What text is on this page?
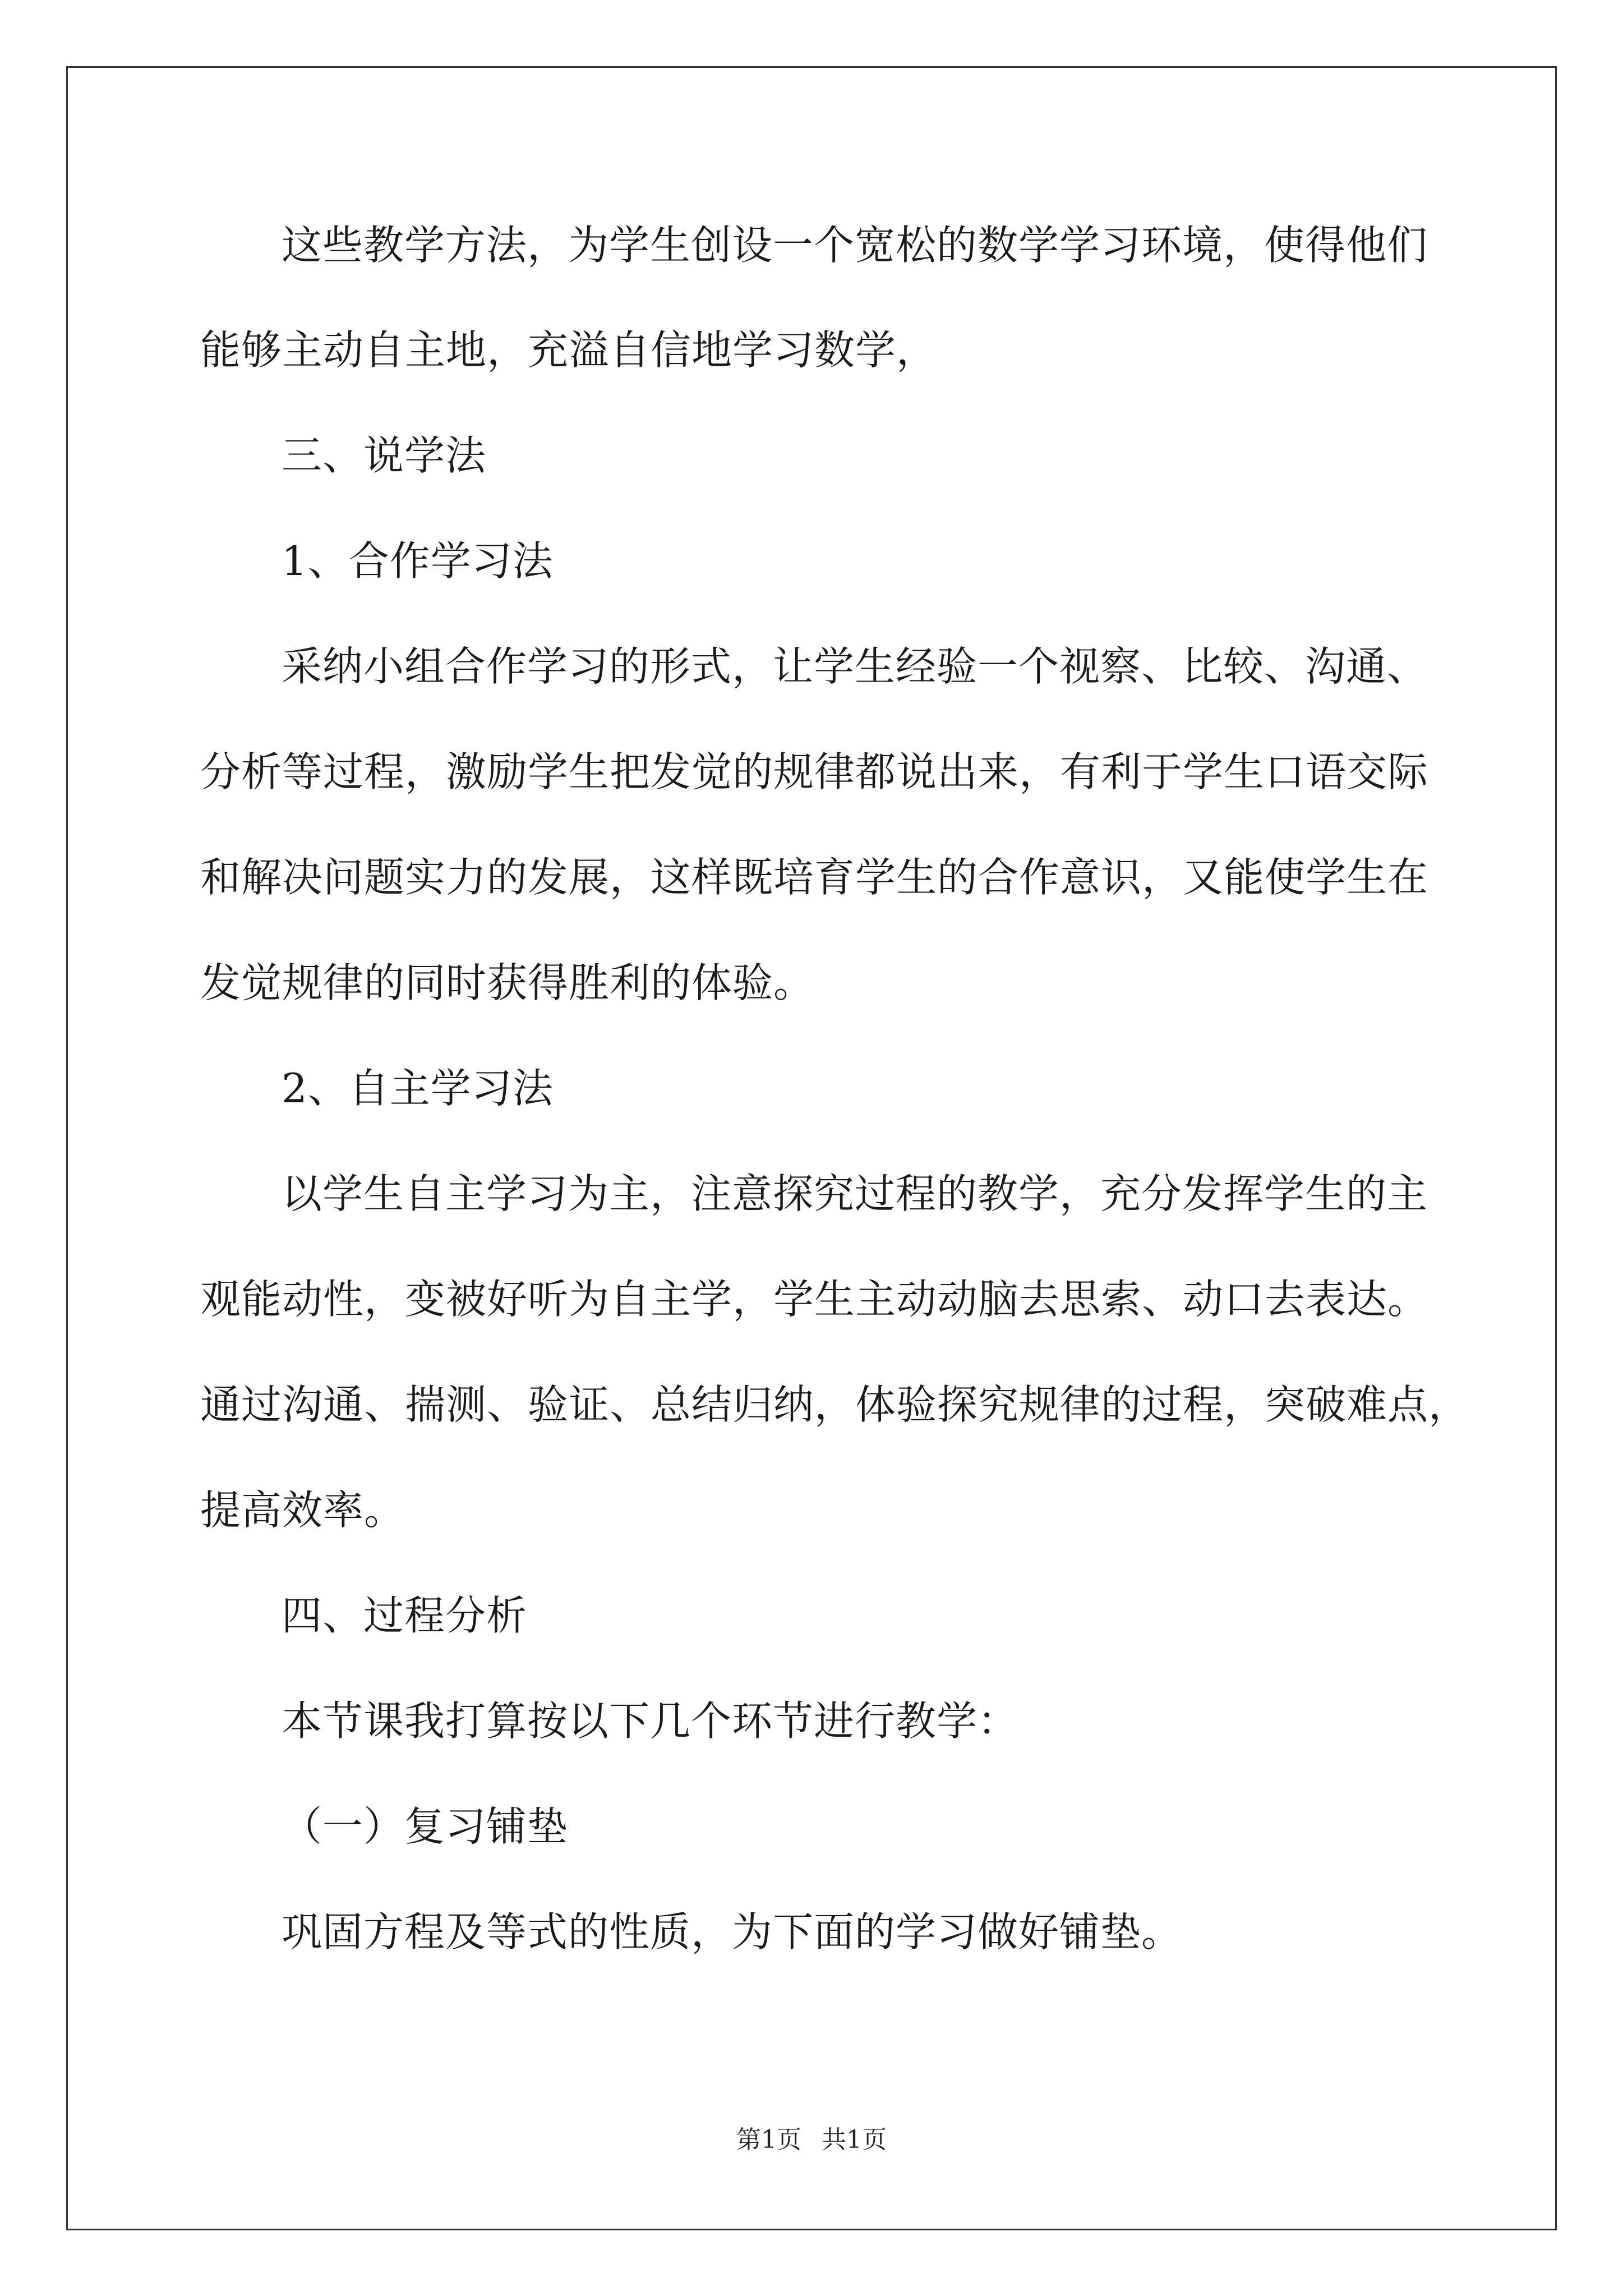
这些教学方法，为学生创设一个宽松的数学学习环境，使得他们
能够主动自主地，充溢自信地学习数学，
三、说学法
1、合作学习法
采纳小组合作学习的形式，让学生经验一个视察、比较、沟通、
分析等过程，激励学生把发觉的规律都说出来，有利于学生口语交际
和解决问题实力的发展，这样既培育学生的合作意识，又能使学生在
发觉规律的同时获得胜利的体验。
2、自主学习法
以学生自主学习为主，注意探究过程的教学，充分发挥学生的主
观能动性，变被好听为自主学，学生主动动脑去思索、动口去表达。
通过沟通、揣测、验证、总结归纳，体验探究规律的过程，突破难点，
提高效率。
四、过程分析
本节课我打算按以下几个环节进行教学：
（一）复习铺垫
巩固方程及等式的性质，为下面的学习做好铺垫。
第1页 共1页
